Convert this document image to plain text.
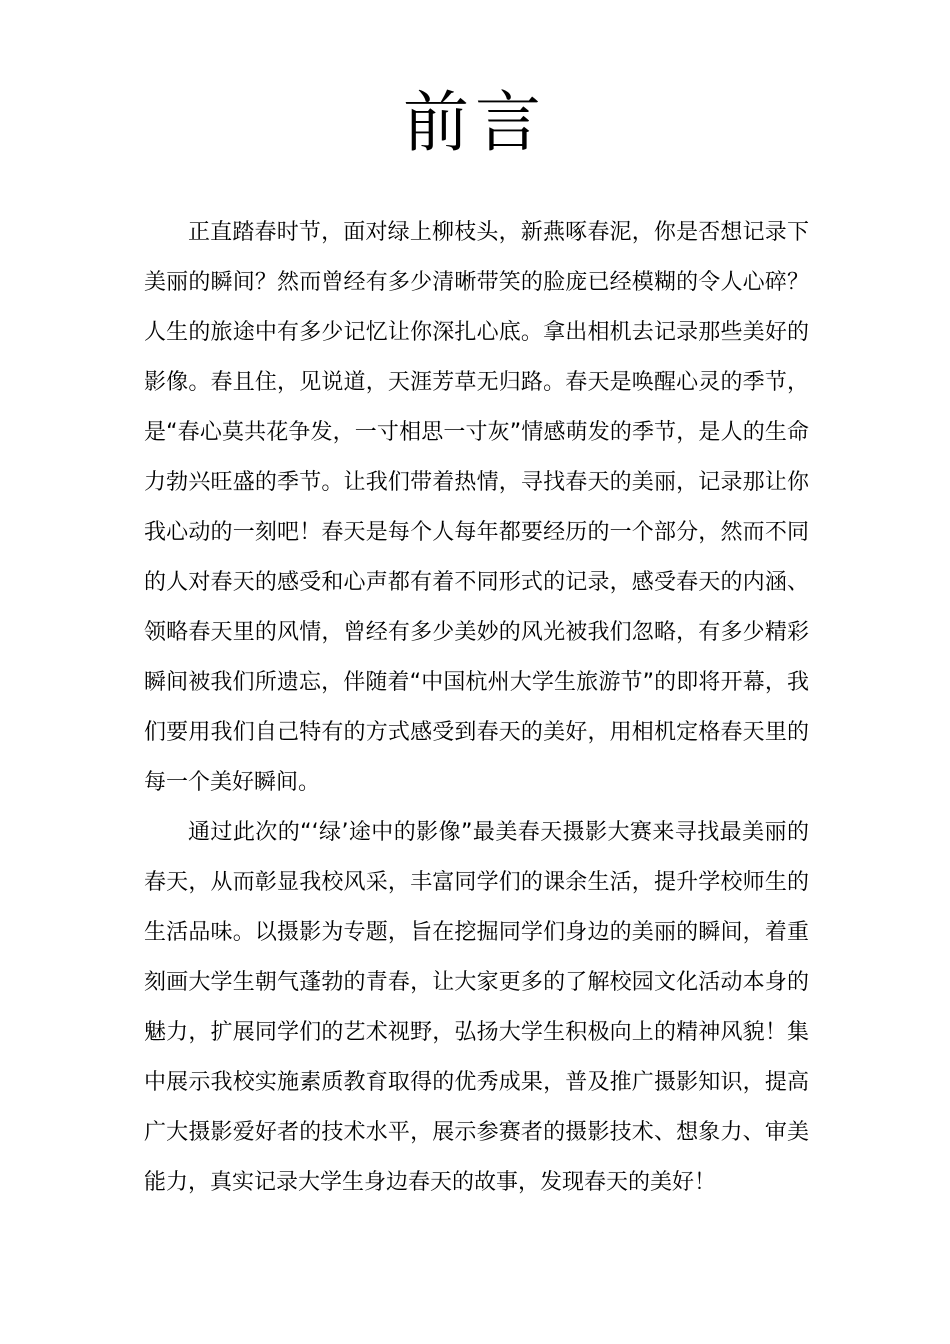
前言

正直踏春时节，面对绿上柳枝头，新燕啄春泥，你是否想记录下美丽的瞬间？然而曾经有多少清晰带笑的脸庞已经模糊的令人心碎？人生的旅途中有多少记忆让你深扎心底。拿出相机去记录那些美好的影像。春且住，见说道，天涯芳草无归路。春天是唤醒心灵的季节，是“春心莫共花争发，一寸相思一寸灰”情感萌发的季节，是人的生命力勃兴旺盛的季节。让我们带着热情，寻找春天的美丽，记录那让你我心动的一刻吧！春天是每个人每年都要经历的一个部分，然而不同的人对春天的感受和心声都有着不同形式的记录，感受春天的内涵、领略春天里的风情，曾经有多少美妙的风光被我们忽略，有多少精彩瞬间被我们所遗忘，伴随着“中国杭州大学生旅游节”的即将开幕，我们要用我们自己特有的方式感受到春天的美好，用相机定格春天里的每一个美好瞬间。

通过此次的“‘绿’途中的影像”最美春天摄影大赛来寻找最美丽的春天，从而彰显我校风采，丰富同学们的课余生活，提升学校师生的生活品味。以摄影为专题，旨在挖掘同学们身边的美丽的瞬间，着重刻画大学生朝气蓬勃的青春，让大家更多的了解校园文化活动本身的魅力，扩展同学们的艺术视野，弘扬大学生积极向上的精神风貌！集中展示我校实施素质教育取得的优秀成果，普及推广摄影知识，提高广大摄影爱好者的技术水平，展示参赛者的摄影技术、想象力、审美能力，真实记录大学生身边春天的故事，发现春天的美好！
